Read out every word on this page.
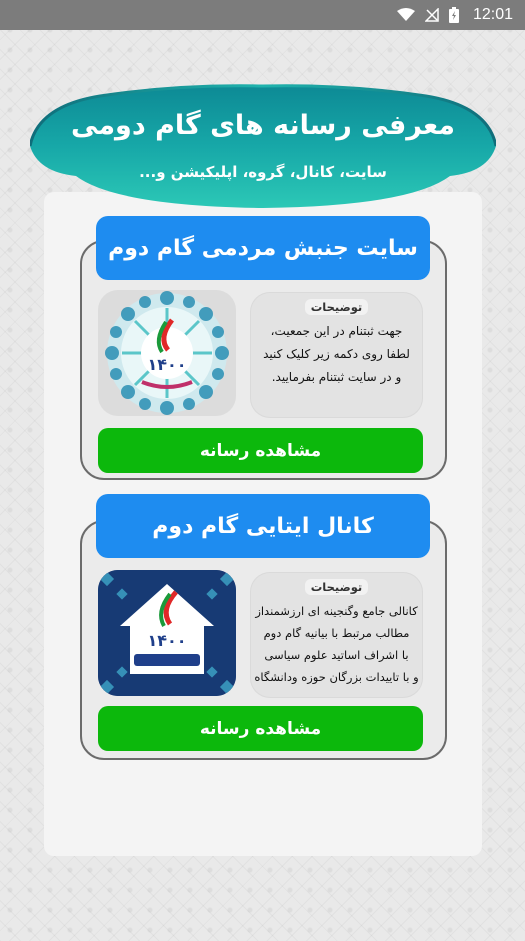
12:01
معرفی رسانه های گام دومی
سایت، کانال، گروه، اپلیکیشن و...
سایت جنبش مردمی گام دوم
توضیحات
جهت ثبتنام در این جمعیت،
لطفا روی دکمه زیر کلیک کنید
و در سایت ثبتنام بفرمایید.
۱۴۰۰
مشاهده رسانه
کانال ایتایی گام دوم
توضیحات
کانالی جامع وگنجینه ای ارزشمنداز
مطالب مرتبط با بیانیه گام دوم
با اشراف اساتید علوم سیاسی
و با تاییدات بزرگان حوزه ودانشگاه
۱۴۰۰
مشاهده رسانه
